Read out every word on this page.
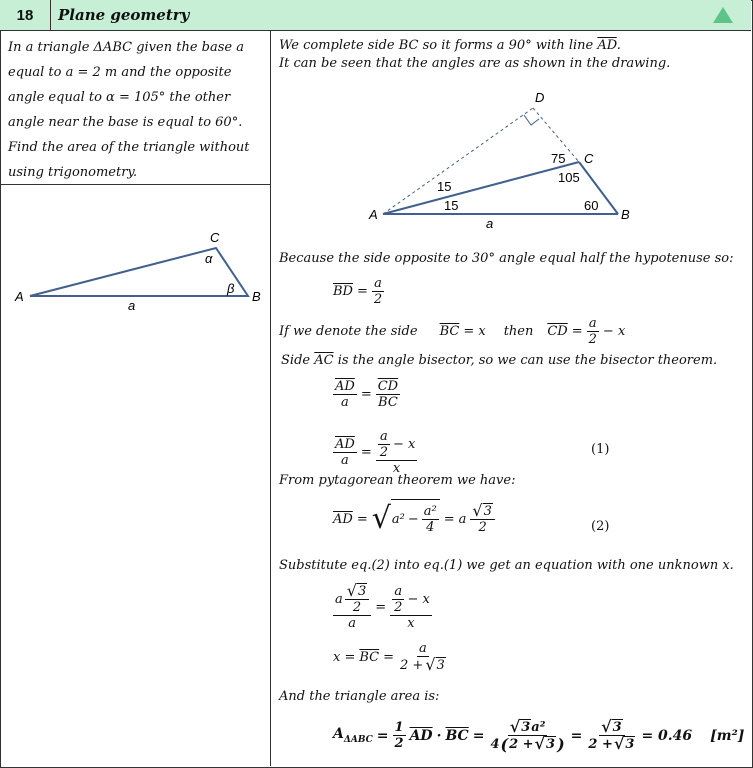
18	Plane geometry
In a triangle ΔABC given the base a
equal to a = 2 m and the opposite
angle equal to α = 105° the other
angle near the base is equal to 60°.
Find the area of the triangle without
using trigonometry.
A	B
C
α
β
a
We complete side BC so it forms a 90° with line $\overline{AD}$.
It can be seen that the angles are as shown in the drawing.
A	B
C
D
15
15
75
105
60
a
Because the side opposite to 30° angle equal half the hypotenuse so:
$\overline{BD} = \frac{a}{2}$
If we denote the side $\overline{BC} = x$ then $\overline{CD} = \frac{a}{2} - x$
Side $\overline{AC}$ is the angle bisector, so we can use the bisector theorem.
$\frac{\overline{AD}}{a} = \frac{\overline{CD}}{BC}$
$\frac{\overline{AD}}{a} = \frac{\frac{a}{2} - x}{x}$	(1)
From pytagorean theorem we have:
$\overline{AD}$ = √ $a^2 - \frac{\text{a²}}{4} = a \frac{√ 3}{2}$	(2)
Substitute eq.(2) into eq.(1) we get an equation with one unknown x.
$\frac{a \frac{√ 3}{2}}{a} = \frac{\frac{a}{2} - x}{x}$
$x = \overline{BC} = \frac{a}{2 + √ 3}$
And the triangle area is:
$A_{\Delta ABC} = \frac{1}{2} \overline{AD} \cdot \overline{BC} = \frac{\text{√ 3 a²}}{4 ( 2 + √ 3 )} = \frac{√ 3}{2 + √ 3} = 0.46$ [m²]
